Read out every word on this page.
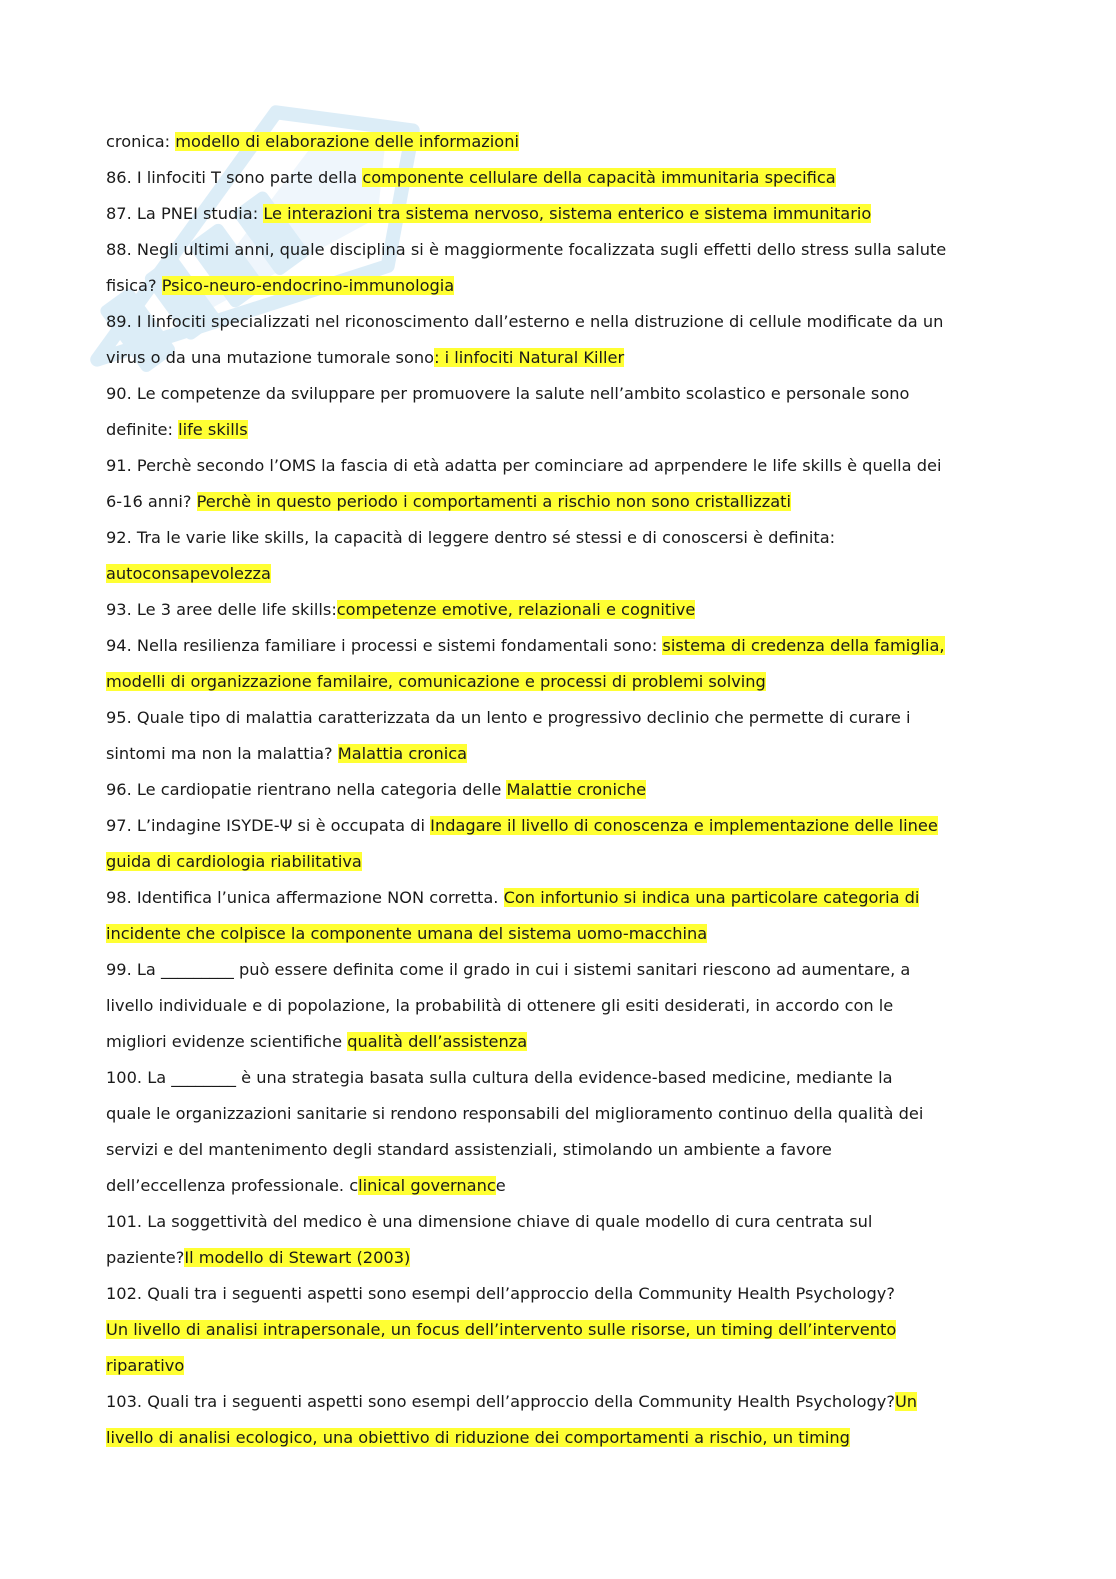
cronica: modello di elaborazione delle informazioni
86. I linfociti T sono parte della componente cellulare della capacità immunitaria specifica
87. La PNEI studia: Le interazioni tra sistema nervoso, sistema enterico e sistema immunitario
88. Negli ultimi anni, quale disciplina si è maggiormente focalizzata sugli effetti dello stress sulla salute
fisica? Psico-neuro-endocrino-immunologia
89. I linfociti specializzati nel riconoscimento dall’esterno e nella distruzione di cellule modificate da un
virus o da una mutazione tumorale sono: i linfociti Natural Killer
90. Le competenze da sviluppare per promuovere la salute nell’ambito scolastico e personale sono
definite: life skills
91. Perchè secondo l’OMS la fascia di età adatta per cominciare ad aprpendere le life skills è quella dei
6-16 anni? Perchè in questo periodo i comportamenti a rischio non sono cristallizzati
92. Tra le varie like skills, la capacità di leggere dentro sé stessi e di conoscersi è definita:
autoconsapevolezza
93. Le 3 aree delle life skills:competenze emotive, relazionali e cognitive
94. Nella resilienza familiare i processi e sistemi fondamentali sono: sistema di credenza della famiglia,
modelli di organizzazione familaire, comunicazione e processi di problemi solving
95. Quale tipo di malattia caratterizzata da un lento e progressivo declinio che permette di curare i
sintomi ma non la malattia? Malattia cronica
96. Le cardiopatie rientrano nella categoria delle Malattie croniche
97. L’indagine ISYDE-Ψ si è occupata di Indagare il livello di conoscenza e implementazione delle linee
guida di cardiologia riabilitativa
98. Identifica l’unica affermazione NON corretta. Con infortunio si indica una particolare categoria di
incidente che colpisce la componente umana del sistema uomo-macchina
99. La _________ può essere definita come il grado in cui i sistemi sanitari riescono ad aumentare, a
livello individuale e di popolazione, la probabilità di ottenere gli esiti desiderati, in accordo con le
migliori evidenze scientifiche qualità dell’assistenza
100. La ________ è una strategia basata sulla cultura della evidence-based medicine, mediante la
quale le organizzazioni sanitarie si rendono responsabili del miglioramento continuo della qualità dei
servizi e del mantenimento degli standard assistenziali, stimolando un ambiente a favore
dell’eccellenza professionale. clinical governance
101. La soggettività del medico è una dimensione chiave di quale modello di cura centrata sul
paziente?Il modello di Stewart (2003)
102. Quali tra i seguenti aspetti sono esempi dell’approccio della Community Health Psychology?
Un livello di analisi intrapersonale, un focus dell’intervento sulle risorse, un timing dell’intervento
riparativo
103. Quali tra i seguenti aspetti sono esempi dell’approccio della Community Health Psychology?Un
livello di analisi ecologico, una obiettivo di riduzione dei comportamenti a rischio, un timing
